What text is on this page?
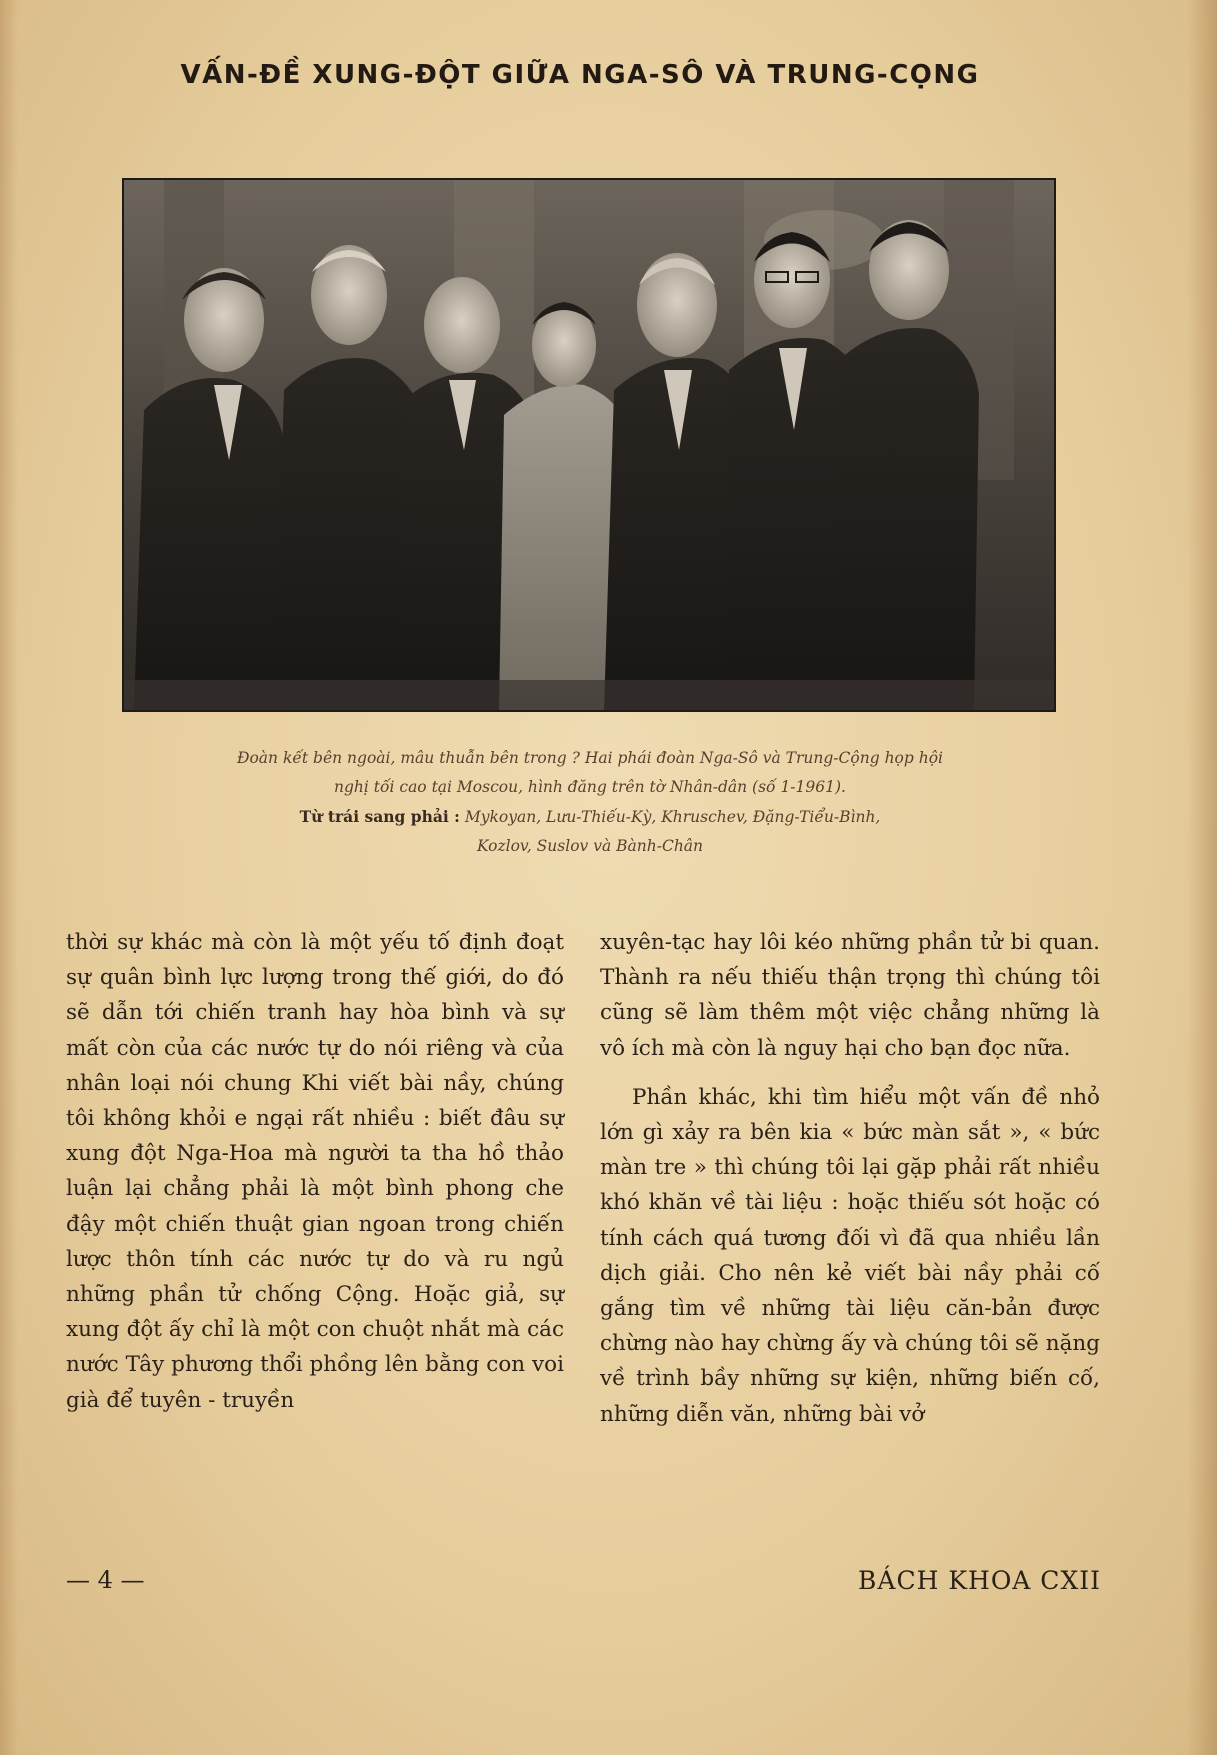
VẤN-ĐỀ XUNG-ĐỘT GIỮA NGA-SÔ VÀ TRUNG-CỌNG
Đoàn kết bên ngoài, mâu thuẫn bên trong ? Hai phái đoàn Nga-Sô và Trung-Cộng họp hội
nghị tối cao tại Moscou, hình đăng trên tờ Nhân-dân (số 1-1961).
Từ trái sang phải : Mykoyan, Lưu-Thiếu-Kỳ, Khruschev, Đặng-Tiểu-Bình,
Kozlov, Suslov và Bành-Chân

thời sự khác mà còn là một yếu tố định đoạt sự quân bình lực lượng trong thế giới, do đó sẽ dẫn tới chiến tranh hay hòa bình và sự mất còn của các nước tự do nói riêng và của nhân loại nói chung Khi viết bài nầy, chúng tôi không khỏi e ngại rất nhiều : biết đâu sự xung đột Nga-Hoa mà người ta tha hồ thảo luận lại chẳng phải là một bình phong che đậy một chiến thuật gian ngoan trong chiến lược thôn tính các nước tự do và ru ngủ những phần tử chống Cộng. Hoặc giả, sự xung đột ấy chỉ là một con chuột nhắt mà các nước Tây phương thổi phồng lên bằng con voi già để tuyên - truyền

xuyên-tạc hay lôi kéo những phần tử bi quan. Thành ra nếu thiếu thận trọng thì chúng tôi cũng sẽ làm thêm một việc chẳng những là vô ích mà còn là nguy hại cho bạn đọc nữa.

Phần khác, khi tìm hiểu một vấn đề nhỏ lớn gì xảy ra bên kia « bức màn sắt », « bức màn tre » thì chúng tôi lại gặp phải rất nhiều khó khăn về tài liệu : hoặc thiếu sót hoặc có tính cách quá tương đối vì đã qua nhiều lần dịch giải. Cho nên kẻ viết bài nầy phải cố gắng tìm về những tài liệu căn-bản được chừng nào hay chừng ấy và chúng tôi sẽ nặng về trình bầy những sự kiện, những biến cố, những diễn văn, những bài vở

— 4 —	BÁCH KHOA CXII
